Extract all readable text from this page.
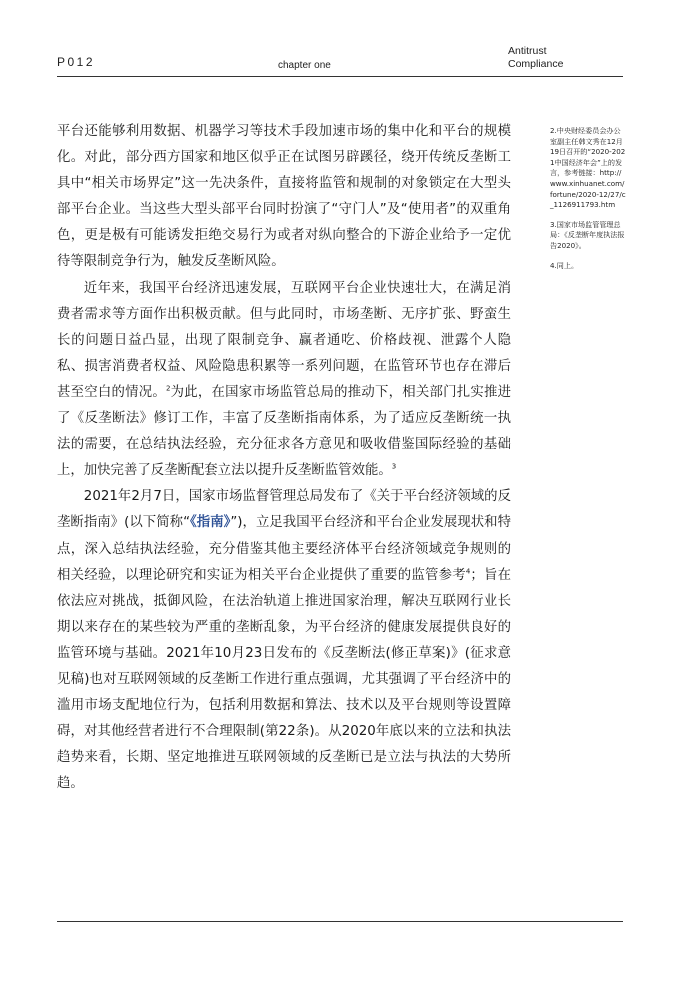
P012	chapter one
Antitrust
Compliance

平台还能够利用数据、机器学习等技术手段加速市场的集中化和平台的规模化。对此，部分西方国家和地区似乎正在试图另辟蹊径，绕开传统反垄断工具中“相关市场界定”这一先决条件，直接将监管和规制的对象锁定在大型头部平台企业。当这些大型头部平台同时扮演了“守门人”及“使用者”的双重角色，更是极有可能诱发拒绝交易行为或者对纵向整合的下游企业给予一定优待等限制竞争行为，触发反垄断风险。

近年来，我国平台经济迅速发展，互联网平台企业快速壮大，在满足消费者需求等方面作出积极贡献。但与此同时，市场垄断、无序扩张、野蛮生长的问题日益凸显，出现了限制竞争、赢者通吃、价格歧视、泄露个人隐私、损害消费者权益、风险隐患积累等一系列问题，在监管环节也存在滞后甚至空白的情况。$^2$为此，在国家市场监管总局的推动下，相关部门扎实推进了《反垄断法》修订工作，丰富了反垄断指南体系，为了适应反垄断统一执法的需要，在总结执法经验，充分征求各方意见和吸收借鉴国际经验的基础上，加快完善了反垄断配套立法以提升反垄断监管效能。$^3$

2021年2月7日，国家市场监督管理总局发布了《关于平台经济领域的反垄断指南》(以下简称“《指南》”)，立足我国平台经济和平台企业发展现状和特点，深入总结执法经验，充分借鉴其他主要经济体平台经济领域竞争规则的相关经验，以理论研究和实证为相关平台企业提供了重要的监管参考$^4$；旨在依法应对挑战，抵御风险，在法治轨道上推进国家治理，解决互联网行业长期以来存在的某些较为严重的垄断乱象，为平台经济的健康发展提供良好的监管环境与基础。2021年10月23日发布的《反垄断法(修正草案)》(征求意见稿)也对互联网领域的反垄断工作进行重点强调，尤其强调了平台经济中的滥用市场支配地位行为，包括利用数据和算法、技术以及平台规则等设置障碍，对其他经营者进行不合理限制(第22条)。从2020年底以来的立法和执法趋势来看，长期、坚定地推进互联网领域的反垄断已是立法与执法的大势所趋。

2.中央财经委员会办公室副主任韩文秀在12月19日召开的“2020-2021中国经济年会”上的发言，参考链接：http://www.xinhuanet.com/fortune/2020-12/27/c_1126911793.htm

3.国家市场监管管理总局：《反垄断年度执法报告2020》。

4.同上。
